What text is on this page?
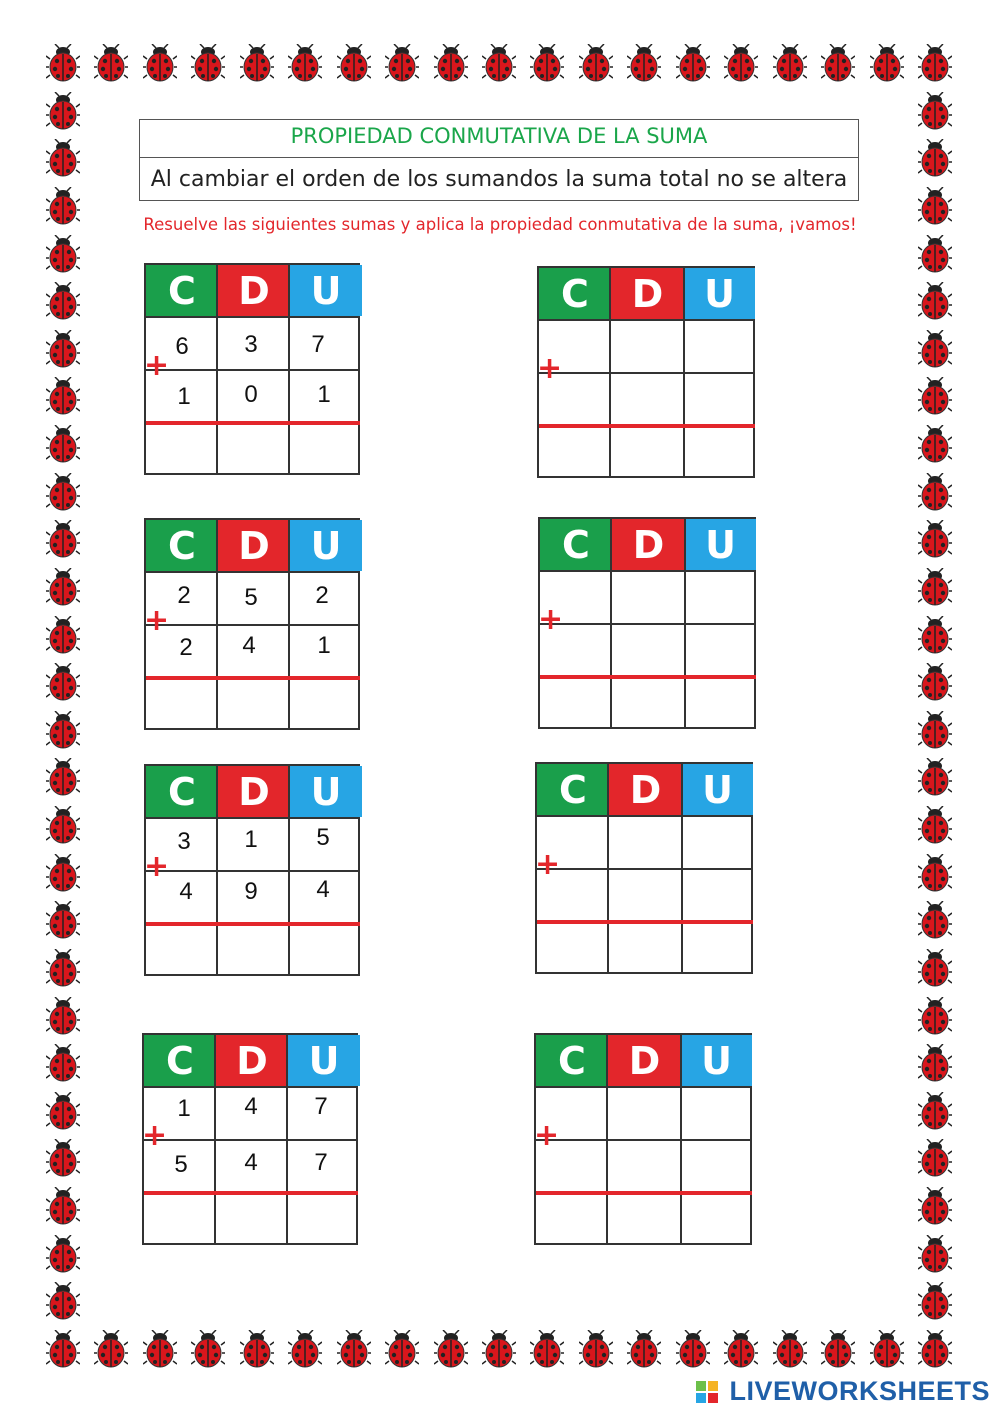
PROPIEDAD CONMUTATIVA DE LA SUMA
Al cambiar el orden de los sumandos la suma total no se altera
Resuelve las siguientes sumas y aplica la propiedad conmutativa de la suma, ¡vamos!
C	D	U
+
6	3	7
1	0	1
C	D	U
+
2	5	2
2	4	1
C	D	U
+
3	1	5
4	9	4
C	D	U
+
1	4	7
5	4	7
C	D	U
+
C	D	U
+
C	D	U
+
C	D	U
+
LIVEWORKSHEETS
